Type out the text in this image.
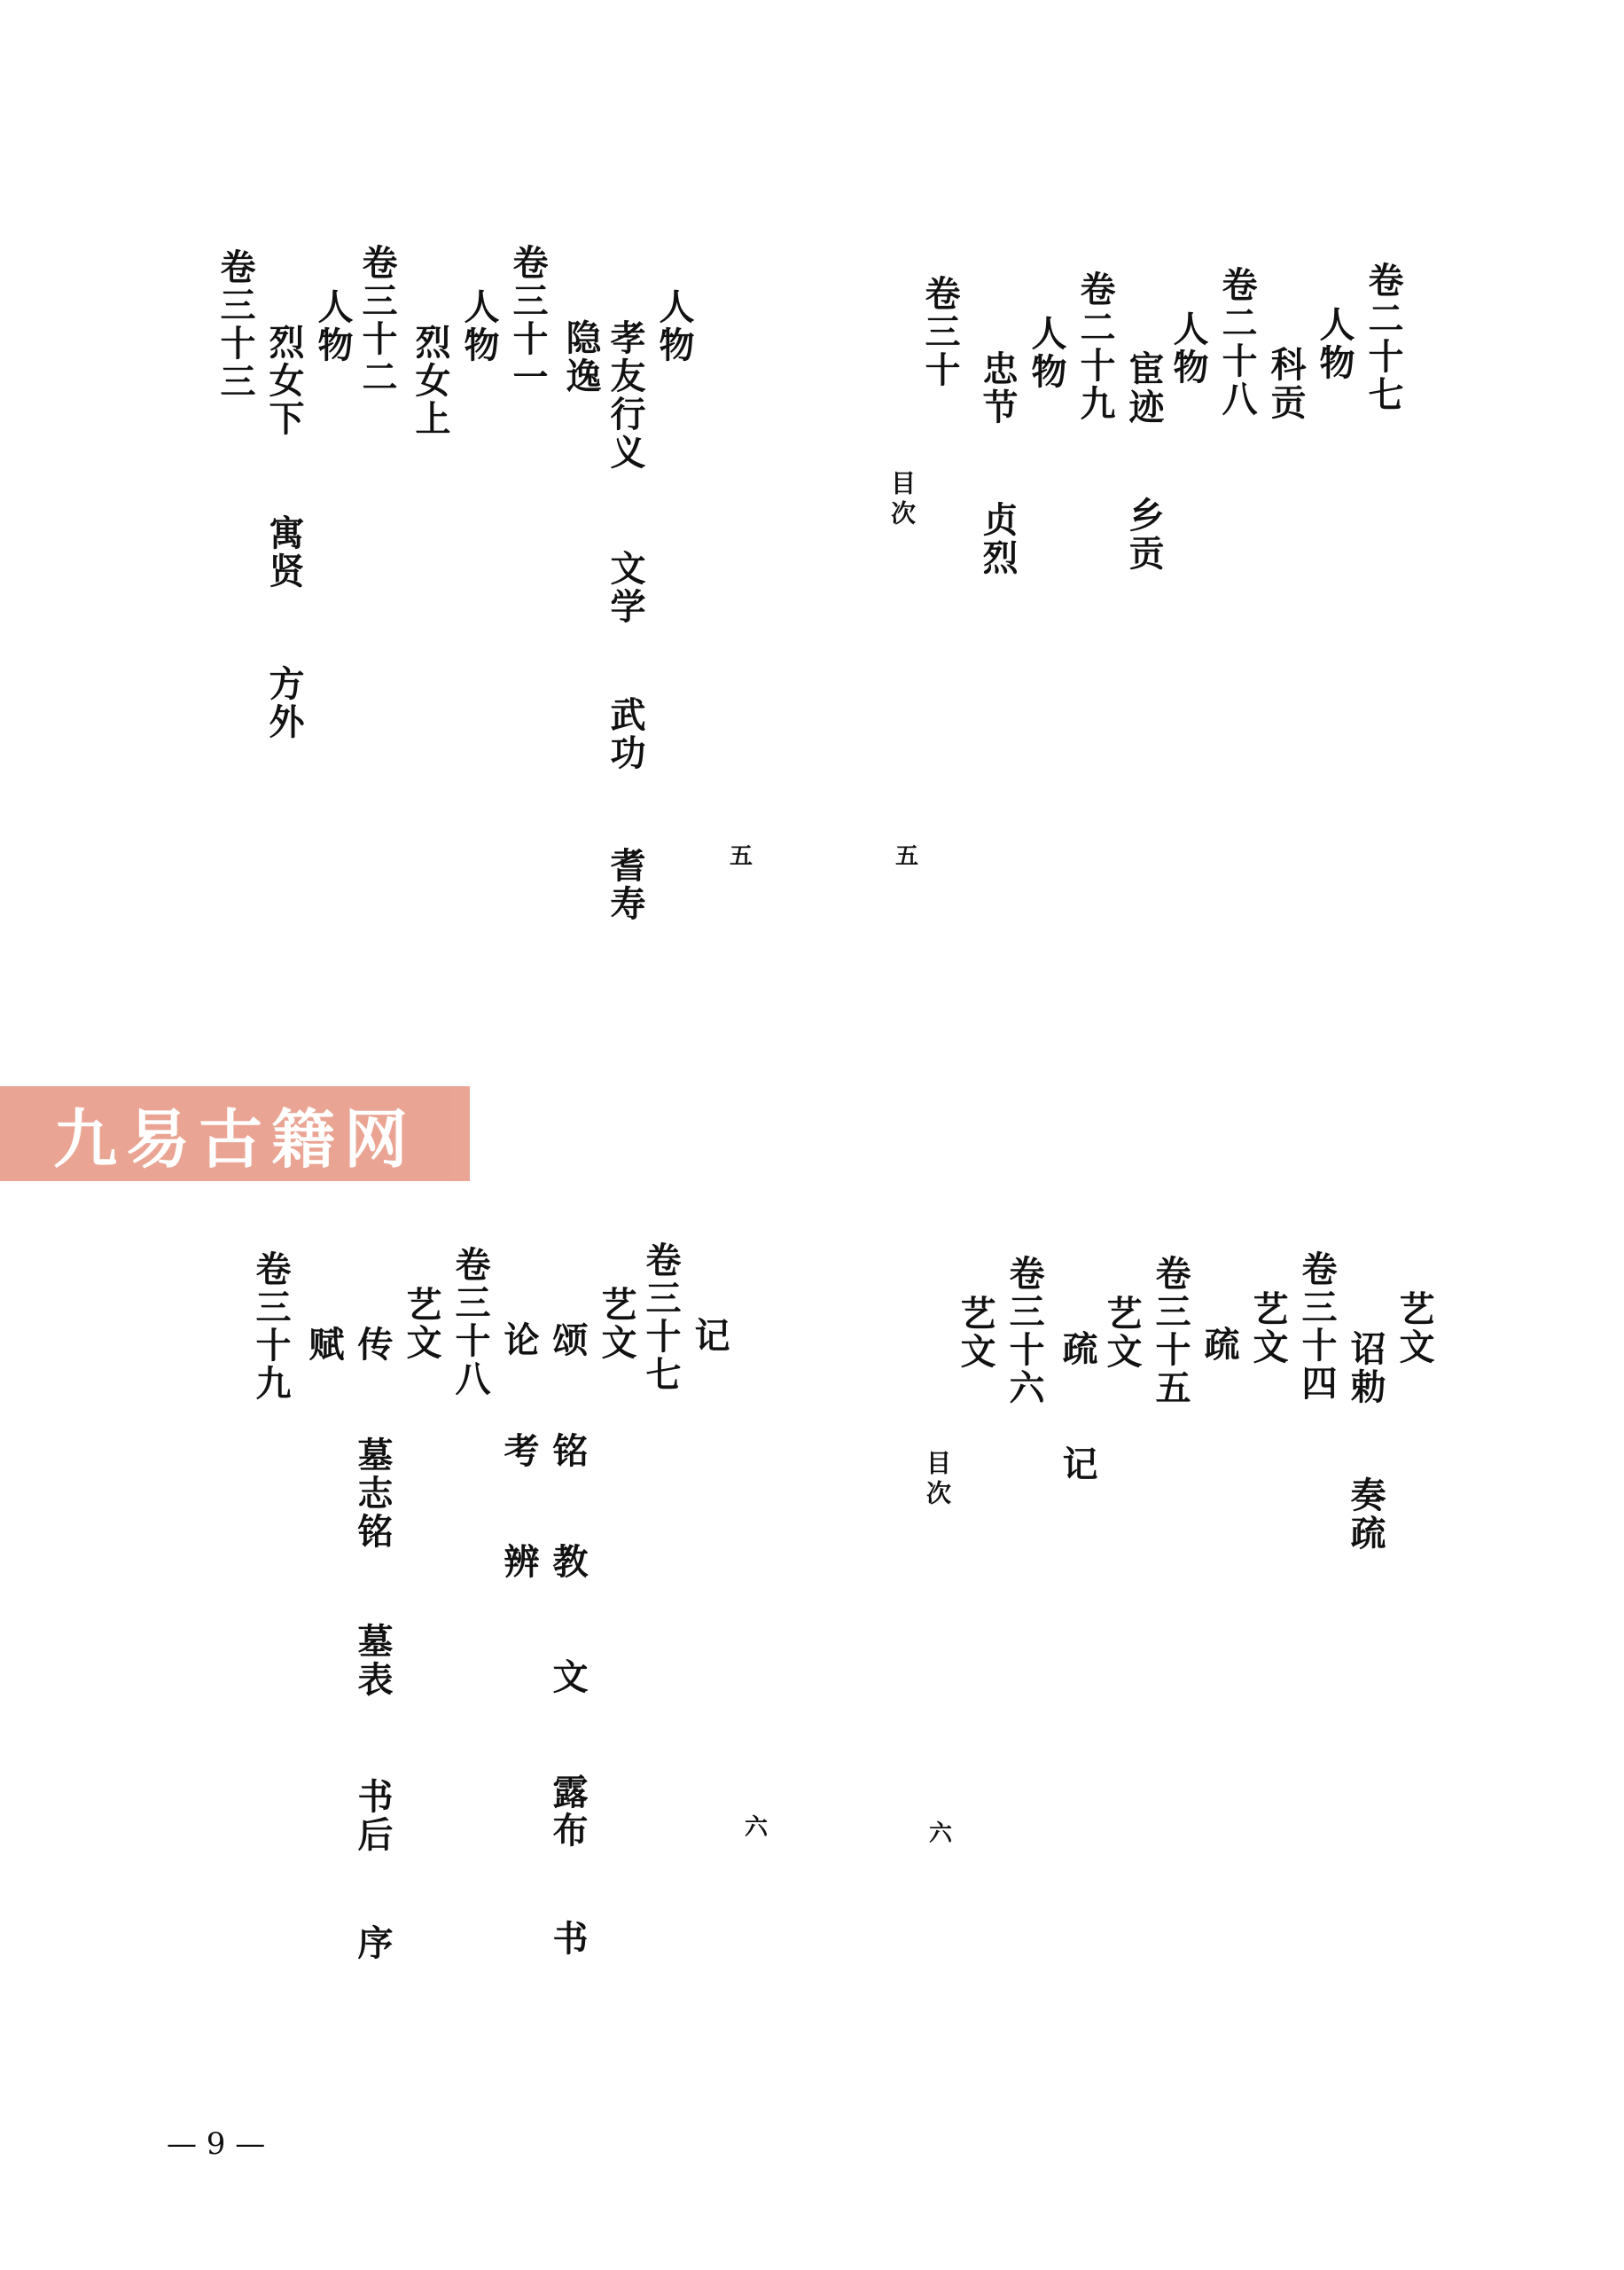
卷二十七
人物
科贡
乡贡
卷二十八
人物
宦迹
卷二十九
人物
忠节
贞烈
卷三十
目次
五
人物
孝友行义
文学
武功
耆寿
隐逸
卷三十一
人物
烈女上
卷三十二
人物
烈女下
寓贤
方外
卷三十三
五
九易古籍网
艺文
诏勅
奏疏
卷三十四
艺文
疏
卷三十五
艺文
疏
记
卷三十六
艺文
目次
六
卷三十七
艺文 记
颂
铭
教
文
露布
书
论
考
辨
卷三十八
艺文
传
墓志铭
墓表
书后
序
赋
卷三十九
六
— 9 —
